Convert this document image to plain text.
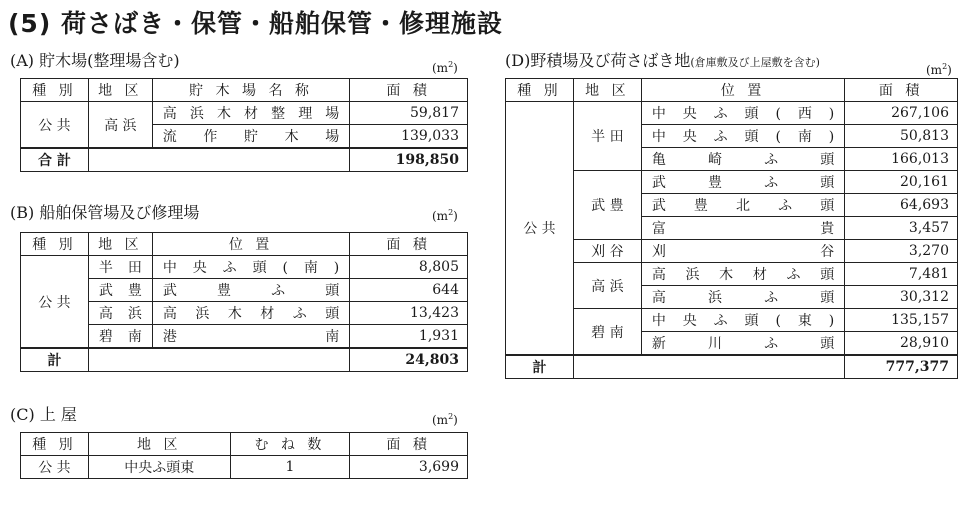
(5) 荷さばき・保管・船舶保管・修理施設
(A) 貯木場(整理場含む)	$(m^2)$
種 別	地 区	貯 木 場 名 称	面 積
公 共	高 浜	高浜木材整理場	59,817
		流作貯木場	139,033
合 計			198,850
(B) 船舶保管場及び修理場	$(m^2)$
種 別	地 区	位 置	面 積
公 共	半 田	中央ふ頭(南)	8,805
	武 豊	武豊ふ頭	644
	高 浜	高浜木材ふ頭	13,423
	碧 南	港南	1,931
計			24,803
(C) 上 屋	$(m^2)$
種 別	地 区	む ね 数	面 積
公 共	中央ふ頭東	1	3,699
(D)野積場及び荷さばき地(倉庫敷及び上屋敷を含む)
$(m^2)$
種 別	地 区	位 置	面 積
公 共	半 田	中央ふ頭(西)	267,106
		中央ふ頭(南)	50,813
		亀崎ふ頭	166,013
	武 豊	武豊ふ頭	20,161
		武豊北ふ頭	64,693
		富貴	3,457
	刈 谷	刈谷	3,270
	高 浜	高浜木材ふ頭	7,481
		高浜ふ頭	30,312
	碧 南	中央ふ頭(東)	135,157
		新川ふ頭	28,910
計			777,377
